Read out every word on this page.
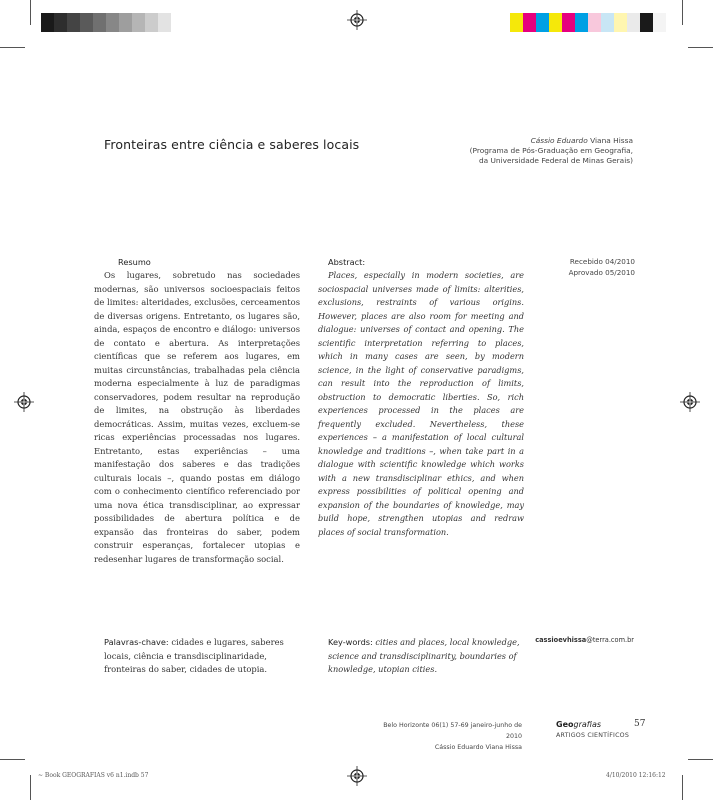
Fronteiras entre ciência e saberes locais	Cássio Eduardo Viana Hissa
(Programa de Pós-Graduação em Geografia,
da Universidade Federal de Minas Gerais)
Resumo

Os lugares, sobretudo nas sociedades modernas, são universos socioespaciais feitos de limites: alteridades, exclusões, cerceamentos de diversas origens. Entretanto, os lugares são, ainda, espaços de encontro e diálogo: universos de contato e abertura. As interpretações científicas que se referem aos lugares, em muitas circunstâncias, trabalhadas pela ciência moderna especialmente à luz de paradigmas conservadores, podem resultar na reprodução de limites, na obstrução às liberdades democráticas. Assim, muitas vezes, excluem-se ricas experiências processadas nos lugares. Entretanto, estas experiências – uma manifestação dos saberes e das tradições culturais locais –, quando postas em diálogo com o conhecimento científico referenciado por uma nova ética transdisciplinar, ao expressar possibilidades de abertura política e de expansão das fronteiras do saber, podem construir esperanças, fortalecer utopias e redesenhar lugares de transformação social.

Abstract:

Places, especially in modern societies, are sociospacial universes made of limits: alterities, exclusions, restraints of various origins. However, places are also room for meeting and dialogue: universes of contact and opening. The scientific interpretation referring to places, which in many cases are seen, by modern science, in the light of conservative paradigms, can result into the reproduction of limits, obstruction to democratic liberties. So, rich experiences processed in the places are frequently excluded. Nevertheless, these experiences – a manifestation of local cultural knowledge and traditions –, when take part in a dialogue with scientific knowledge which works with a new transdisciplinar ethics, and when express possibilities of political opening and expansion of the boundaries of knowledge, may build hope, strengthen utopias and redraw places of social transformation.

Recebido 04/2010
Aprovado 05/2010
Palavras-chave: cidades e lugares, saberes locais, ciência e transdisciplinaridade, fronteiras do saber, cidades de utopia.
Key-words: cities and places, local knowledge, science and transdisciplinarity, boundaries of knowledge, utopian cities.
cassioevhissa@terra.com.br
Belo Horizonte 06(1) 57-69 janeiro-junho de 2010
Cássio Eduardo Viana Hissa
Geografias	57
ARTIGOS CIENTÍFICOS
~ Book GEOGRAFIAS v6 n1.indb 57	4/10/2010 12:16:12
